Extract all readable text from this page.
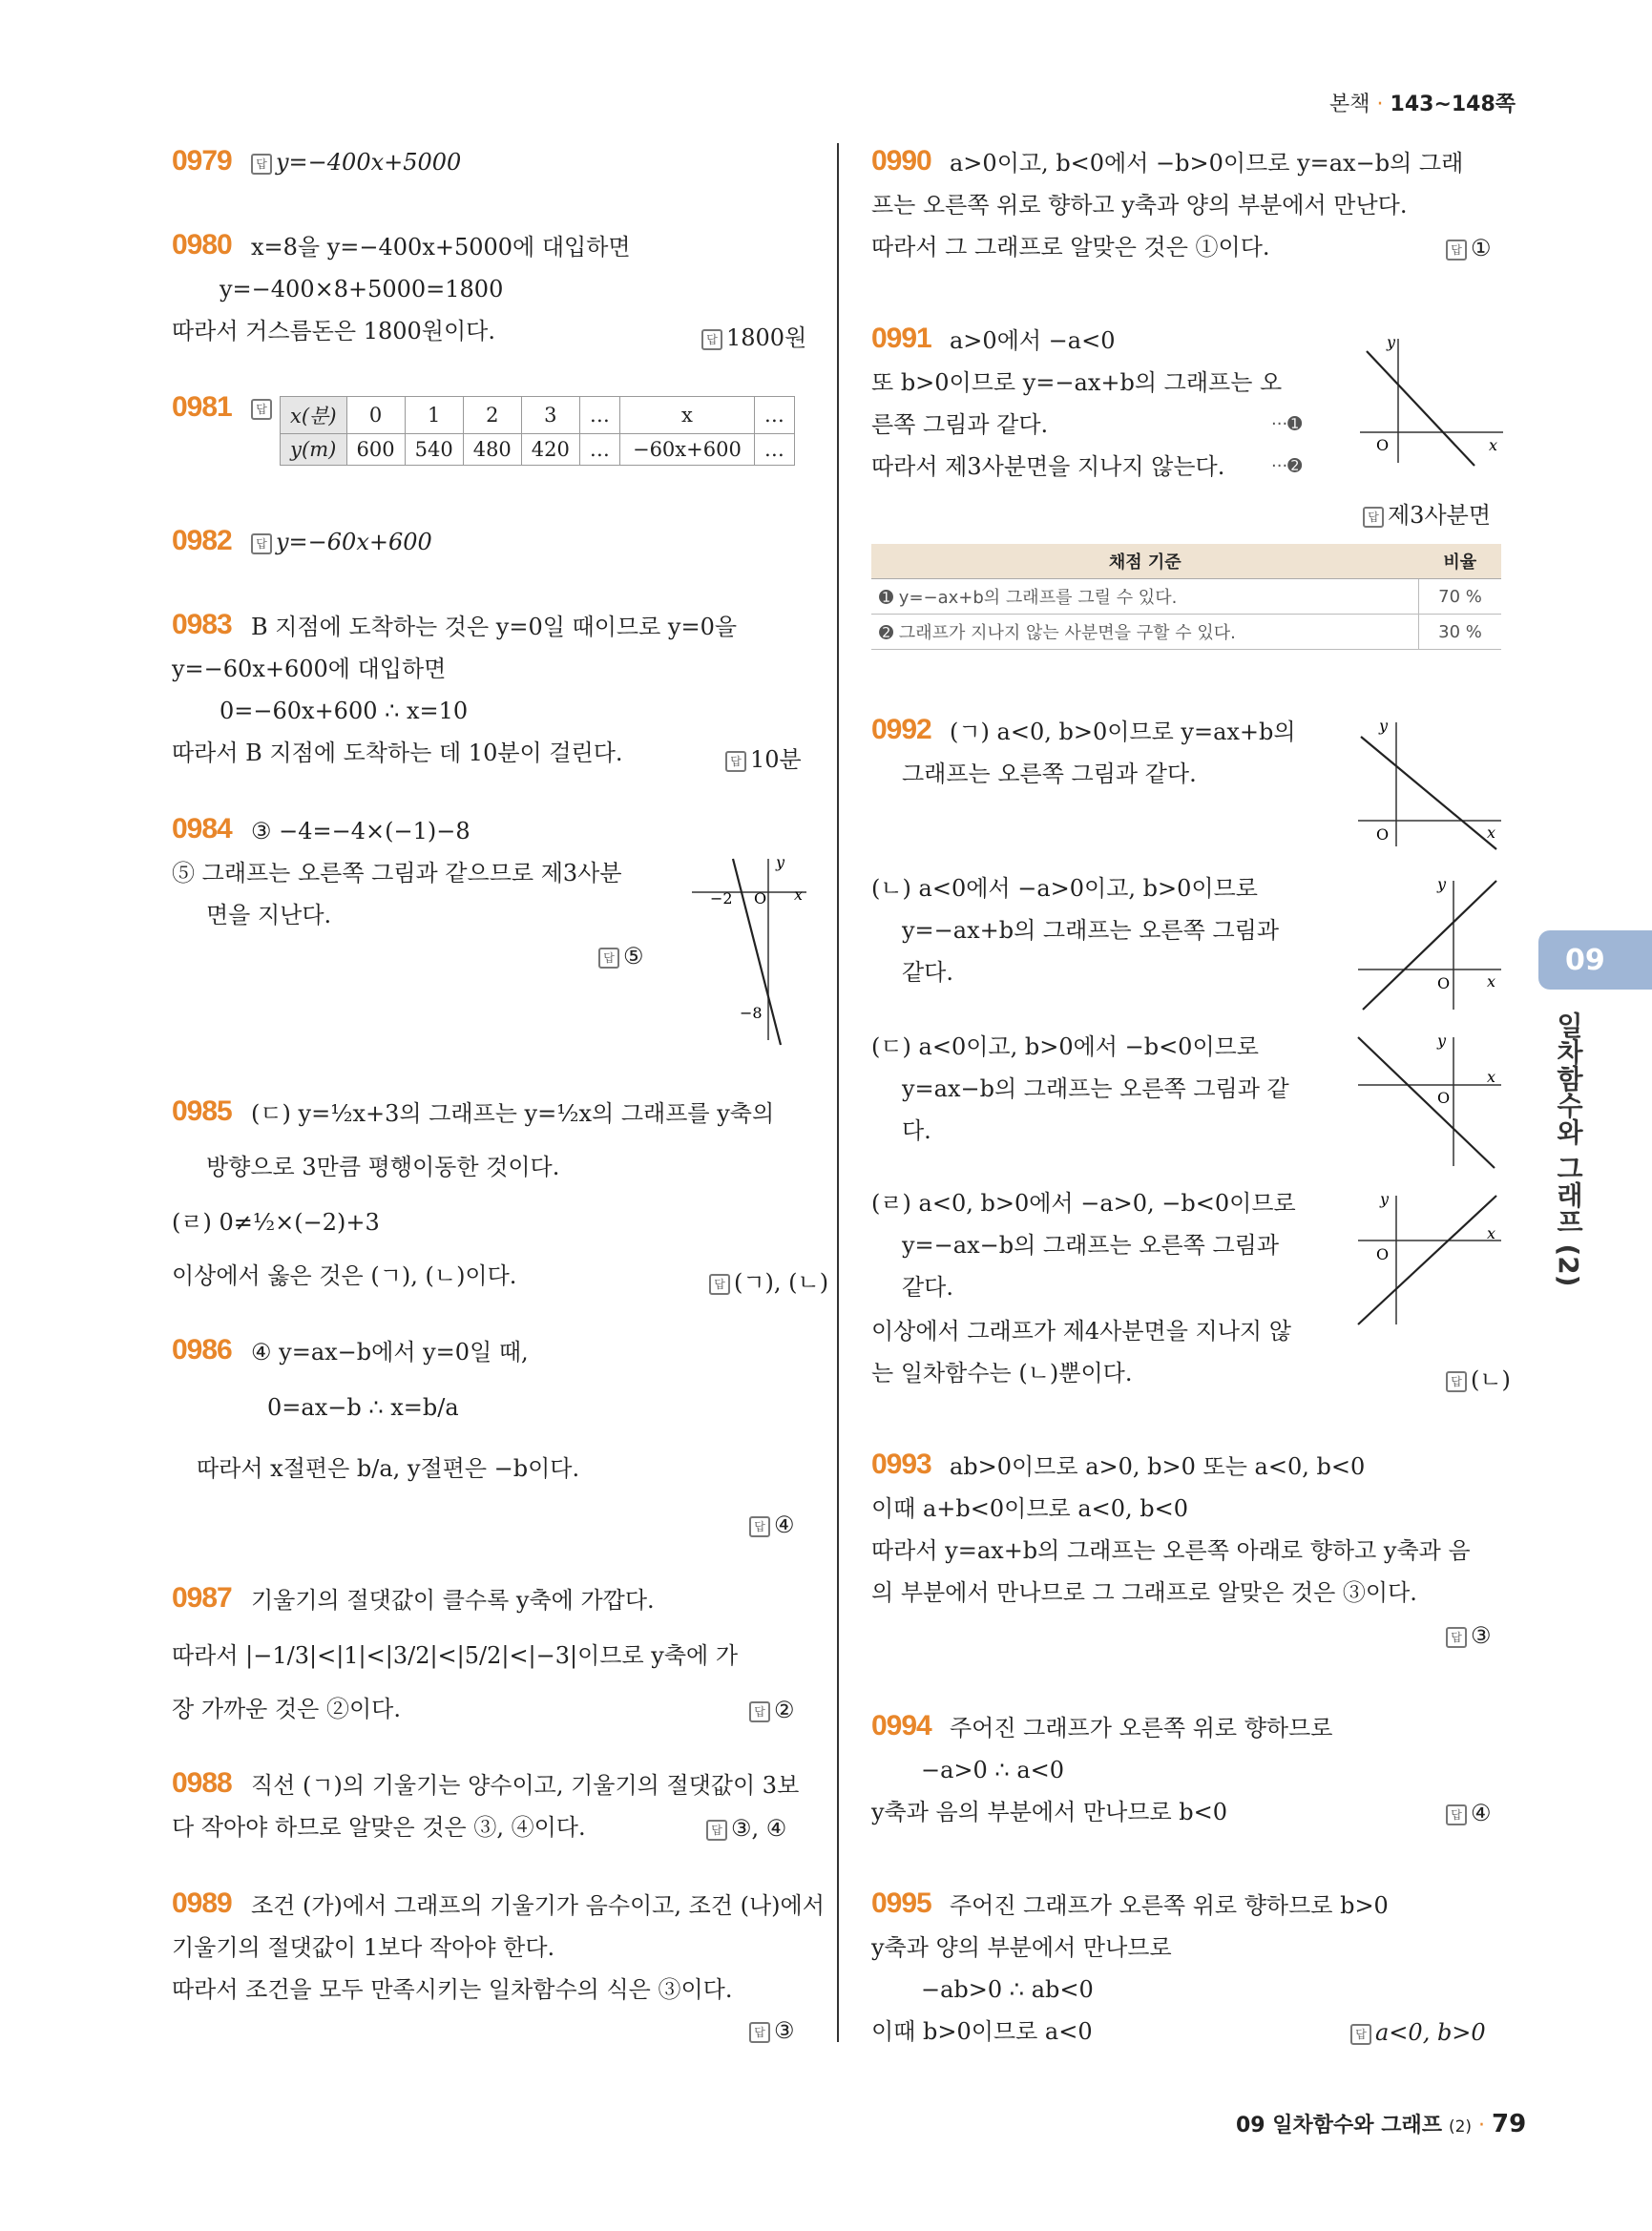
본책 · 143~148쪽
0979	답 y=−400x+5000
0980 x=8을 y=−400x+5000에 대입하면
y=−400×8+5000=1800
따라서 거스름돈은 1800원이다.	답 1800원
0981	답	x(분)	0	1	2	3	…	x	…
y(m)	600	540	480	420	…	−60x+600	…
0982	답 y=−60x+600
0983 B 지점에 도착하는 것은 y=0일 때이므로 y=0을
y=−60x+600에 대입하면
0=−60x+600 ∴ x=10
따라서 B 지점에 도착하는 데 10분이 걸린다.	답 10분
0984 ③ −4=−4×(−1)−8
⑤ 그래프는 오른쪽 그림과 같으므로 제3사분
면을 지난다.
답 ⑤
y
x
O
−2
−8
0985 (ㄷ) y=½x+3의 그래프는 y=½x의 그래프를 y축의
방향으로 3만큼 평행이동한 것이다.
(ㄹ) 0≠½×(−2)+3
이상에서 옳은 것은 (ㄱ), (ㄴ)이다.	답 (ㄱ), (ㄴ)
0986 ④ y=ax−b에서 y=0일 때,
0=ax−b ∴ x=b/a
따라서 x절편은 b/a, y절편은 −b이다.
답 ④
0987 기울기의 절댓값이 클수록 y축에 가깝다.
따라서 |−1/3|<|1|<|3/2|<|5/2|<|−3|이므로 y축에 가
장 가까운 것은 ②이다.	답 ②
0988 직선 (ㄱ)의 기울기는 양수이고, 기울기의 절댓값이 3보
다 작아야 하므로 알맞은 것은 ③, ④이다.	답 ③, ④
0989 조건 (가)에서 그래프의 기울기가 음수이고, 조건 (나)에서
기울기의 절댓값이 1보다 작아야 한다.
따라서 조건을 모두 만족시키는 일차함수의 식은 ③이다.
답 ③
0990 a>0이고, b<0에서 −b>0이므로 y=ax−b의 그래
프는 오른쪽 위로 향하고 y축과 양의 부분에서 만난다.
따라서 그 그래프로 알맞은 것은 ①이다.	답 ①
0991 a>0에서 −a<0
또 b>0이므로 y=−ax+b의 그래프는 오
른쪽 그림과 같다.	···➊
따라서 제3사분면을 지나지 않는다.	···➋
답 제3사분면
y
x
O
채점 기준	비율
➊ y=−ax+b의 그래프를 그릴 수 있다.	70 %
➋ 그래프가 지나지 않는 사분면을 구할 수 있다.	30 %
0992 (ㄱ) a<0, b>0이므로 y=ax+b의
그래프는 오른쪽 그림과 같다.
(ㄴ) a<0에서 −a>0이고, b>0이므로
y=−ax+b의 그래프는 오른쪽 그림과
같다.
(ㄷ) a<0이고, b>0에서 −b<0이므로
y=ax−b의 그래프는 오른쪽 그림과 같
다.
(ㄹ) a<0, b>0에서 −a>0, −b<0이므로
y=−ax−b의 그래프는 오른쪽 그림과
같다.
이상에서 그래프가 제4사분면을 지나지 않
는 일차함수는 (ㄴ)뿐이다.	답 (ㄴ)
y
x
O
y
x
O
y
x
O
y
x
O
0993 ab>0이므로 a>0, b>0 또는 a<0, b<0
이때 a+b<0이므로 a<0, b<0
따라서 y=ax+b의 그래프는 오른쪽 아래로 향하고 y축과 음
의 부분에서 만나므로 그 그래프로 알맞은 것은 ③이다.
답 ③
0994 주어진 그래프가 오른쪽 위로 향하므로
−a>0 ∴ a<0
y축과 음의 부분에서 만나므로 b<0	답 ④
0995 주어진 그래프가 오른쪽 위로 향하므로 b>0
y축과 양의 부분에서 만나므로
−ab>0 ∴ ab<0
이때 b>0이므로 a<0	답 a<0, b>0
09
일차함수와 그래프 (2)
09 일차함수와 그래프 (2) · 79
